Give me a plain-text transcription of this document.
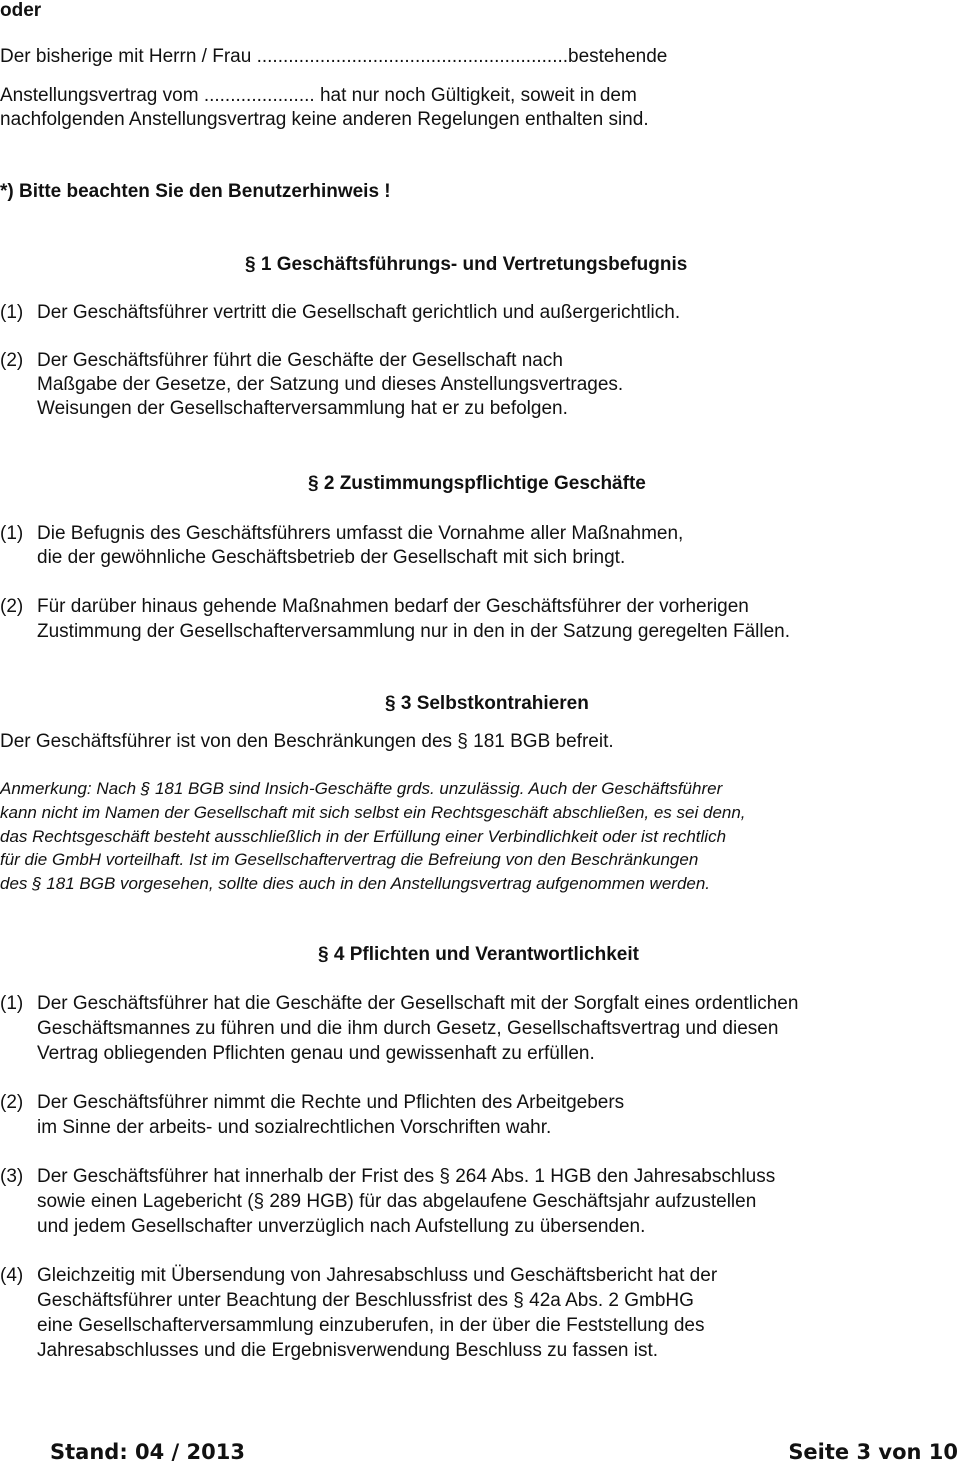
oder
Der bisherige mit Herrn / Frau ...........................................................bestehende
Anstellungsvertrag vom ..................... hat nur noch Gültigkeit, soweit in dem
nachfolgenden Anstellungsvertrag keine anderen Regelungen enthalten sind.
*) Bitte beachten Sie den Benutzerhinweis !
§ 1 Geschäftsführungs- und Vertretungsbefugnis
(1) Der Geschäftsführer vertritt die Gesellschaft gerichtlich und außergerichtlich.
(2) Der Geschäftsführer führt die Geschäfte der Gesellschaft nach
Maßgabe der Gesetze, der Satzung und dieses Anstellungsvertrages.
Weisungen der Gesellschafterversammlung hat er zu befolgen.
§ 2 Zustimmungspflichtige Geschäfte
(1) Die Befugnis des Geschäftsführers umfasst die Vornahme aller Maßnahmen,
die der gewöhnliche Geschäftsbetrieb der Gesellschaft mit sich bringt.
(2) Für darüber hinaus gehende Maßnahmen bedarf der Geschäftsführer der vorherigen
Zustimmung der Gesellschafterversammlung nur in den in der Satzung geregelten Fällen.
§ 3 Selbstkontrahieren
Der Geschäftsführer ist von den Beschränkungen des § 181 BGB befreit.
Anmerkung: Nach § 181 BGB sind Insich-Geschäfte grds. unzulässig. Auch der Geschäftsführer
kann nicht im Namen der Gesellschaft mit sich selbst ein Rechtsgeschäft abschließen, es sei denn,
das Rechtsgeschäft besteht ausschließlich in der Erfüllung einer Verbindlichkeit oder ist rechtlich
für die GmbH vorteilhaft. Ist im Gesellschaftervertrag die Befreiung von den Beschränkungen
des § 181 BGB vorgesehen, sollte dies auch in den Anstellungsvertrag aufgenommen werden.
§ 4 Pflichten und Verantwortlichkeit
(1) Der Geschäftsführer hat die Geschäfte der Gesellschaft mit der Sorgfalt eines ordentlichen
Geschäftsmannes zu führen und die ihm durch Gesetz, Gesellschaftsvertrag und diesen
Vertrag obliegenden Pflichten genau und gewissenhaft zu erfüllen.
(2) Der Geschäftsführer nimmt die Rechte und Pflichten des Arbeitgebers
im Sinne der arbeits- und sozialrechtlichen Vorschriften wahr.
(3) Der Geschäftsführer hat innerhalb der Frist des § 264 Abs. 1 HGB den Jahresabschluss
sowie einen Lagebericht (§ 289 HGB) für das abgelaufene Geschäftsjahr aufzustellen
und jedem Gesellschafter unverzüglich nach Aufstellung zu übersenden.
(4) Gleichzeitig mit Übersendung von Jahresabschluss und Geschäftsbericht hat der
Geschäftsführer unter Beachtung der Beschlussfrist des § 42a Abs. 2 GmbHG
eine Gesellschafterversammlung einzuberufen, in der über die Feststellung des
Jahresabschlusses und die Ergebnisverwendung Beschluss zu fassen ist.
Stand: 04 / 2013	Seite 3 von 10
